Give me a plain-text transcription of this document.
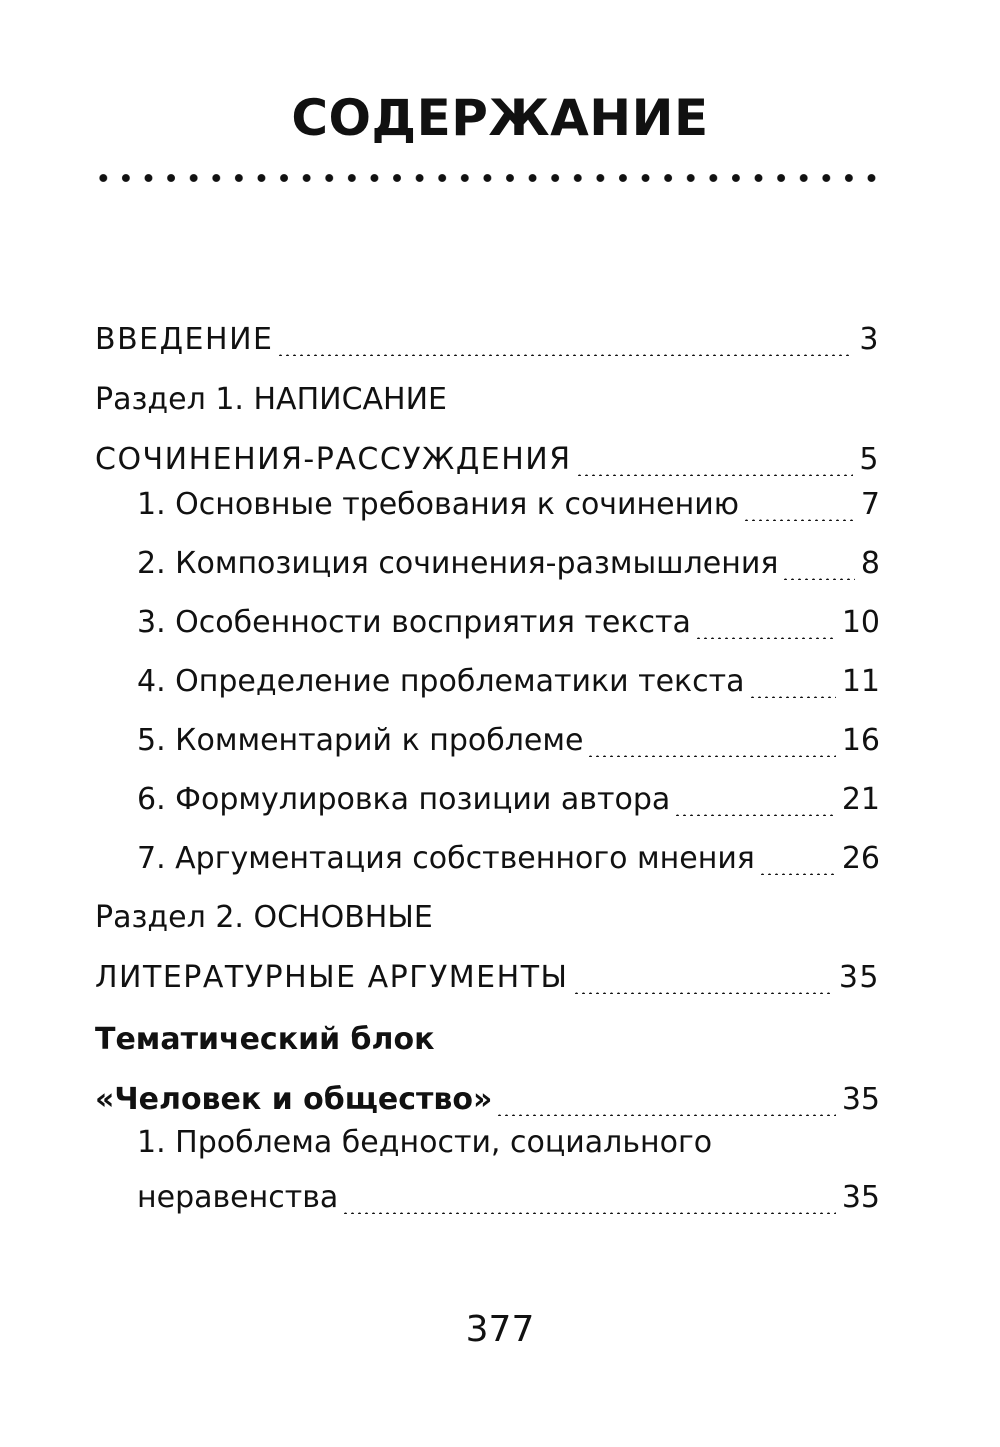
СОДЕРЖАНИЕ
ВВЕДЕНИЕ	3
Раздел 1. НАПИСАНИЕ
СОЧИНЕНИЯ-РАССУЖДЕНИЯ	5
1. Основные требования к сочинению	7
2. Композиция сочинения-размышления	8
3. Особенности восприятия текста	10
4. Определение проблематики текста	11
5. Комментарий к проблеме	16
6. Формулировка позиции автора	21
7. Аргументация собственного мнения	26
Раздел 2. ОСНОВНЫЕ
ЛИТЕРАТУРНЫЕ АРГУМЕНТЫ	35
Тематический блок
«Человек и общество»	35
1. Проблема бедности, социального
неравенства	35
377
